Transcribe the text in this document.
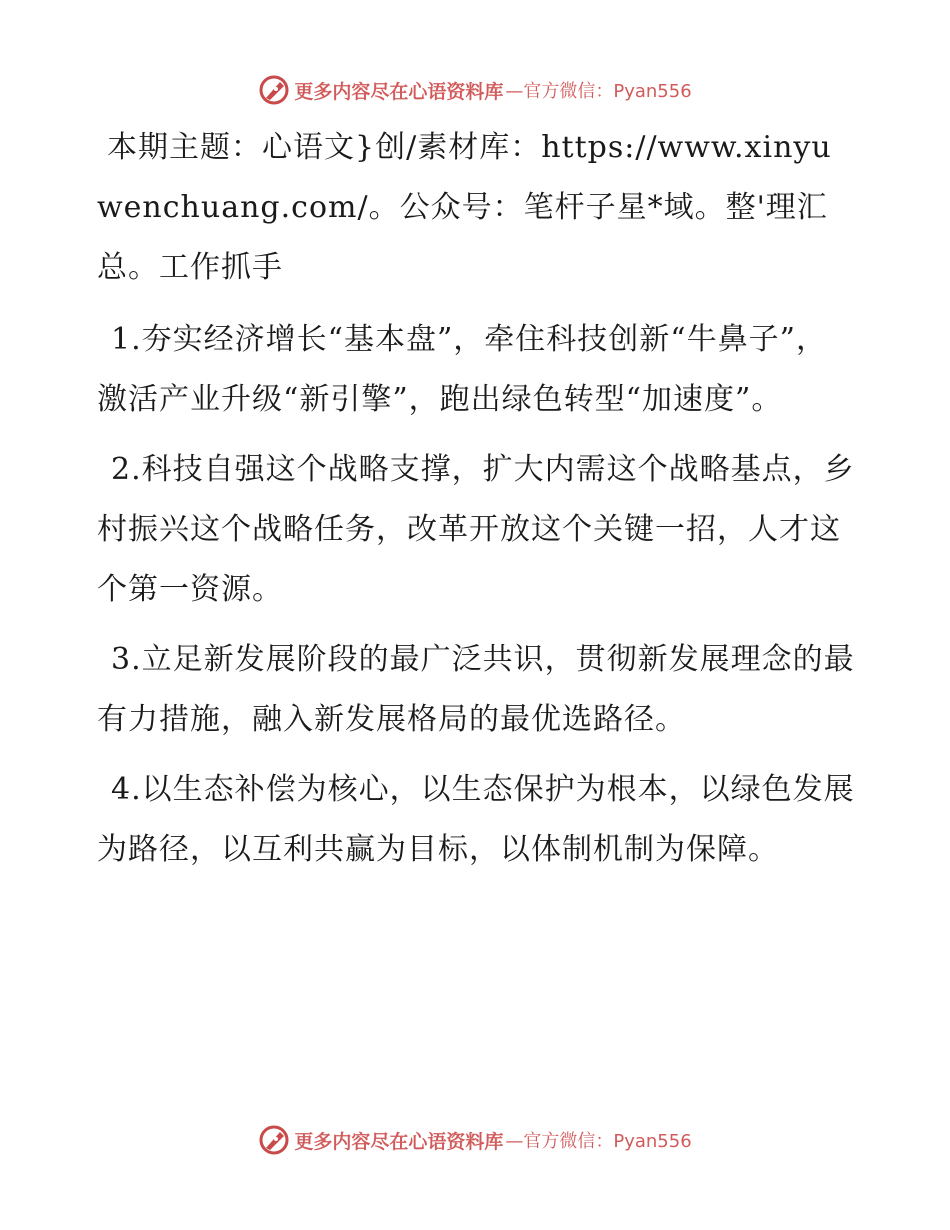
更多内容尽在心语资料库 —官方微信：Pyan556

本期主题：心语文}创/素材库：https://www.xinyuwenchuang.com/。公众号：笔杆子星*域。整'理汇总。工作抓手

1.夯实经济增长“基本盘”，牵住科技创新“牛鼻子”，激活产业升级“新引擎”，跑出绿色转型“加速度”。

2.科技自强这个战略支撑，扩大内需这个战略基点，乡村振兴这个战略任务，改革开放这个关键一招，人才这个第一资源。

3.立足新发展阶段的最广泛共识，贯彻新发展理念的最有力措施，融入新发展格局的最优选路径。

4.以生态补偿为核心，以生态保护为根本，以绿色发展为路径，以互利共赢为目标，以体制机制为保障。

更多内容尽在心语资料库 —官方微信：Pyan556
